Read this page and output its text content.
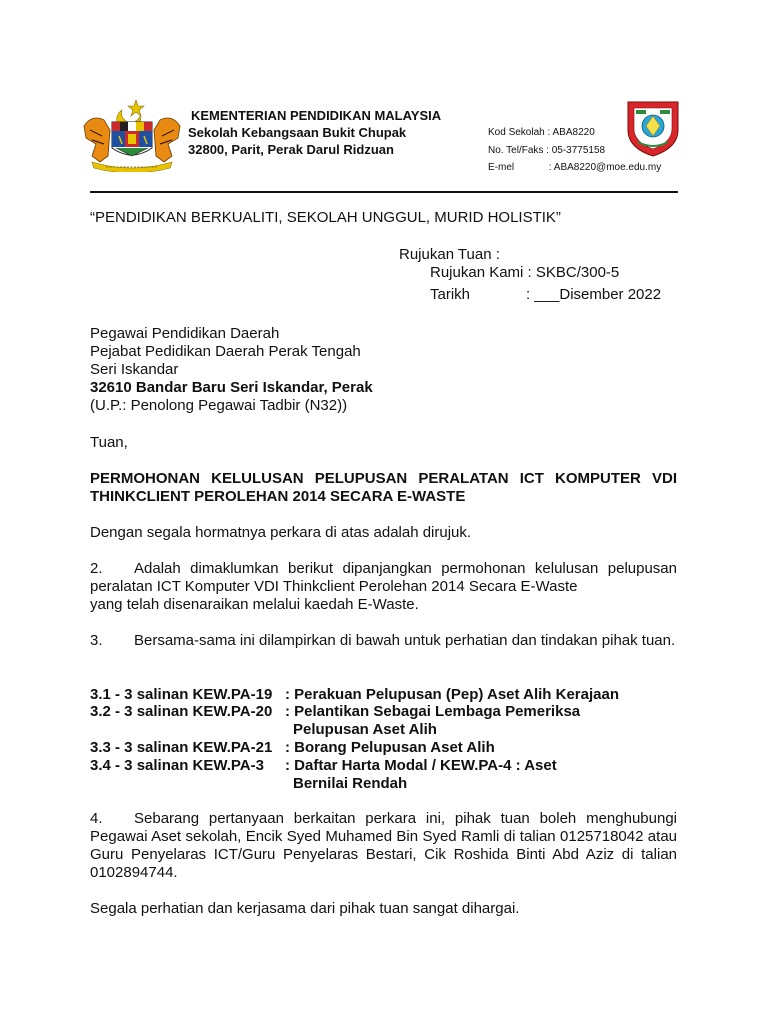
KEMENTERIAN PENDIDIKAN MALAYSIA
Sekolah Kebangsaan Bukit Chupak
32800, Parit, Perak Darul Ridzuan
Kod Sekolah : ABA8220
No. Tel/Faks : 05-3775158
E-mel	: ABA8220@moe.edu.my
“PENDIDIKAN BERKUALITI, SEKOLAH UNGGUL, MURID HOLISTIK”
Rujukan Tuan :
Rujukan Kami : SKBC/300-5
Tarikh	: ___Disember 2022
Pegawai Pendidikan Daerah
Pejabat Pedidikan Daerah Perak Tengah
Seri Iskandar
32610 Bandar Baru Seri Iskandar, Perak
(U.P.: Penolong Pegawai Tadbir (N32))
Tuan,
PERMOHONAN KELULUSAN PELUPUSAN PERALATAN ICT KOMPUTER VDI
THINKCLIENT PEROLEHAN 2014 SECARA E-WASTE
Dengan segala hormatnya perkara di atas adalah dirujuk.
2. Adalah dimaklumkan berikut dipanjangkan permohonan kelulusan pelupusan peralatan ICT Komputer VDI Thinkclient Perolehan 2014 Secara E-Waste
yang telah disenaraikan melalui kaedah E-Waste.
3. Bersama-sama ini dilampirkan di bawah untuk perhatian dan tindakan pihak tuan.
3.1 - 3 salinan KEW.PA-19 : Perakuan Pelupusan (Pep) Aset Alih Kerajaan
3.2 - 3 salinan KEW.PA-20 : Pelantikan Sebagai Lembaga Pemeriksa
Pelupusan Aset Alih
3.3 - 3 salinan KEW.PA-21 : Borang Pelupusan Aset Alih
3.4 - 3 salinan KEW.PA-3 : Daftar Harta Modal / KEW.PA-4 : Aset
Bernilai Rendah
4. Sebarang pertanyaan berkaitan perkara ini, pihak tuan boleh menghubungi Pegawai Aset sekolah, Encik Syed Muhamed Bin Syed Ramli di talian 0125718042 atau Guru Penyelaras ICT/Guru Penyelaras Bestari, Cik Roshida Binti Abd Aziz di talian 0102894744.
Segala perhatian dan kerjasama dari pihak tuan sangat dihargai.
